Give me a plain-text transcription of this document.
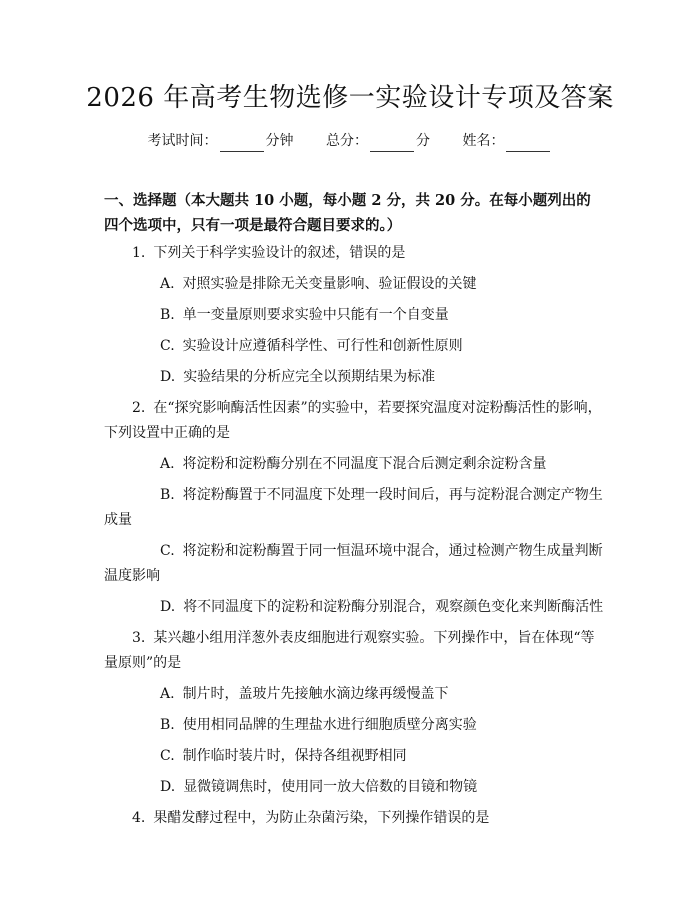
2026 年高考生物选修一实验设计专项及答案
考试时间：	分钟 总分：	分 姓名：
一、选择题（本大题共 10 小题，每小题 2 分，共 20 分。在每小题列出的四个选项中，只有一项是最符合题目要求的。）
1. 下列关于科学实验设计的叙述，错误的是
A. 对照实验是排除无关变量影响、验证假设的关键
B. 单一变量原则要求实验中只能有一个自变量
C. 实验设计应遵循科学性、可行性和创新性原则
D. 实验结果的分析应完全以预期结果为标准
2. 在“探究影响酶活性因素”的实验中，若要探究温度对淀粉酶活性的影响，下列设置中正确的是
A. 将淀粉和淀粉酶分别在不同温度下混合后测定剩余淀粉含量
B. 将淀粉酶置于不同温度下处理一段时间后，再与淀粉混合测定产物生成量
C. 将淀粉和淀粉酶置于同一恒温环境中混合，通过检测产物生成量判断温度影响
D. 将不同温度下的淀粉和淀粉酶分别混合，观察颜色变化来判断酶活性
3. 某兴趣小组用洋葱外表皮细胞进行观察实验。下列操作中，旨在体现“等量原则”的是
A. 制片时，盖玻片先接触水滴边缘再缓慢盖下
B. 使用相同品牌的生理盐水进行细胞质壁分离实验
C. 制作临时装片时，保持各组视野相同
D. 显微镜调焦时，使用同一放大倍数的目镜和物镜
4. 果醋发酵过程中，为防止杂菌污染，下列操作错误的是
